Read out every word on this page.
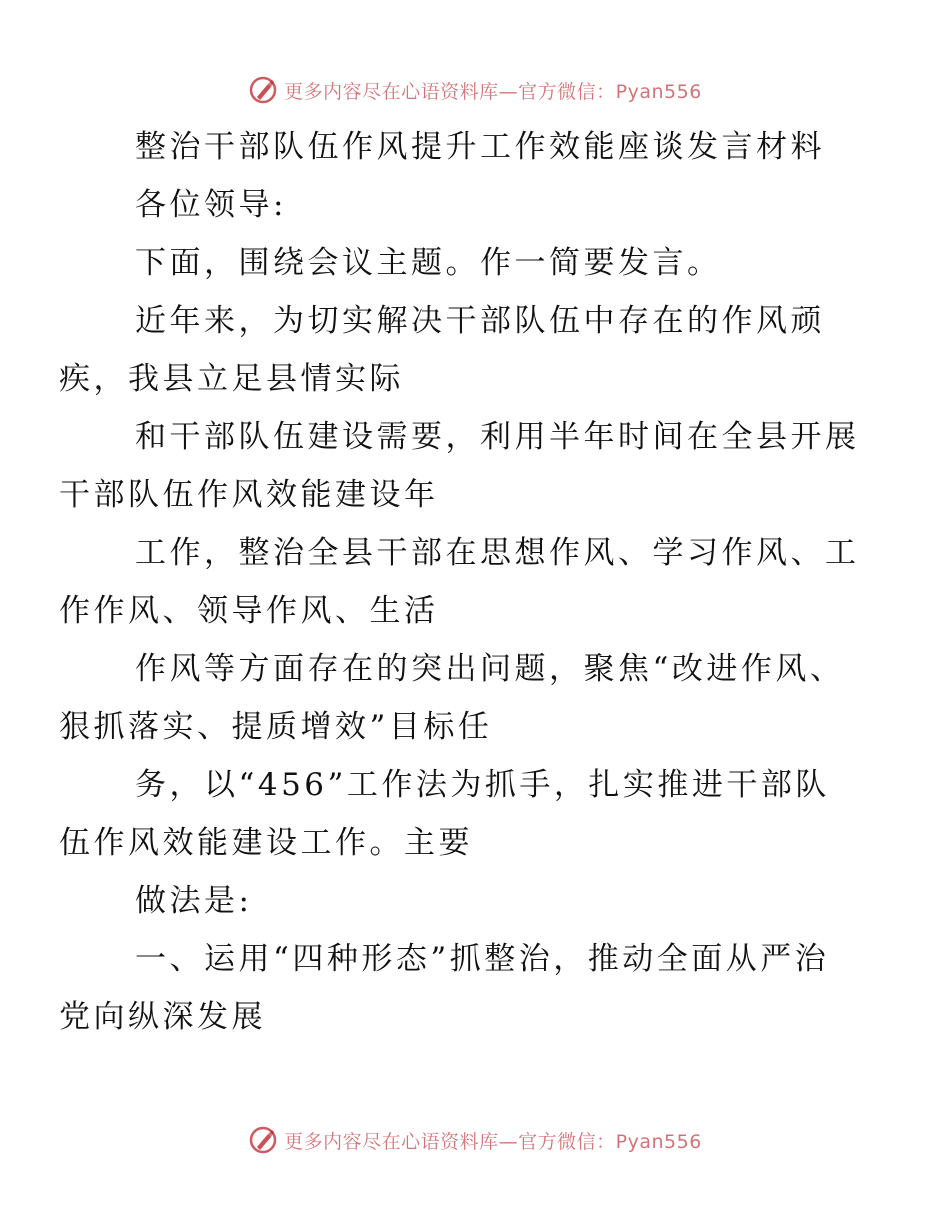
更多内容尽在心语资料库—官方微信：Pyan556

整治干部队伍作风提升工作效能座谈发言材料

各位领导:

下面，围绕会议主题。作一简要发言。

近年来，为切实解决干部队伍中存在的作风顽
疾，我县立足县情实际

和干部队伍建设需要，利用半年时间在全县开展
干部队伍作风效能建设年

工作，整治全县干部在思想作风、学习作风、工
作作风、领导作风、生活

作风等方面存在的突出问题，聚焦“改进作风、
狠抓落实、提质增效”目标任

务，以“456”工作法为抓手，扎实推进干部队
伍作风效能建设工作。主要

做法是:

一、运用“四种形态”抓整治，推动全面从严治
党向纵深发展

更多内容尽在心语资料库—官方微信：Pyan556
